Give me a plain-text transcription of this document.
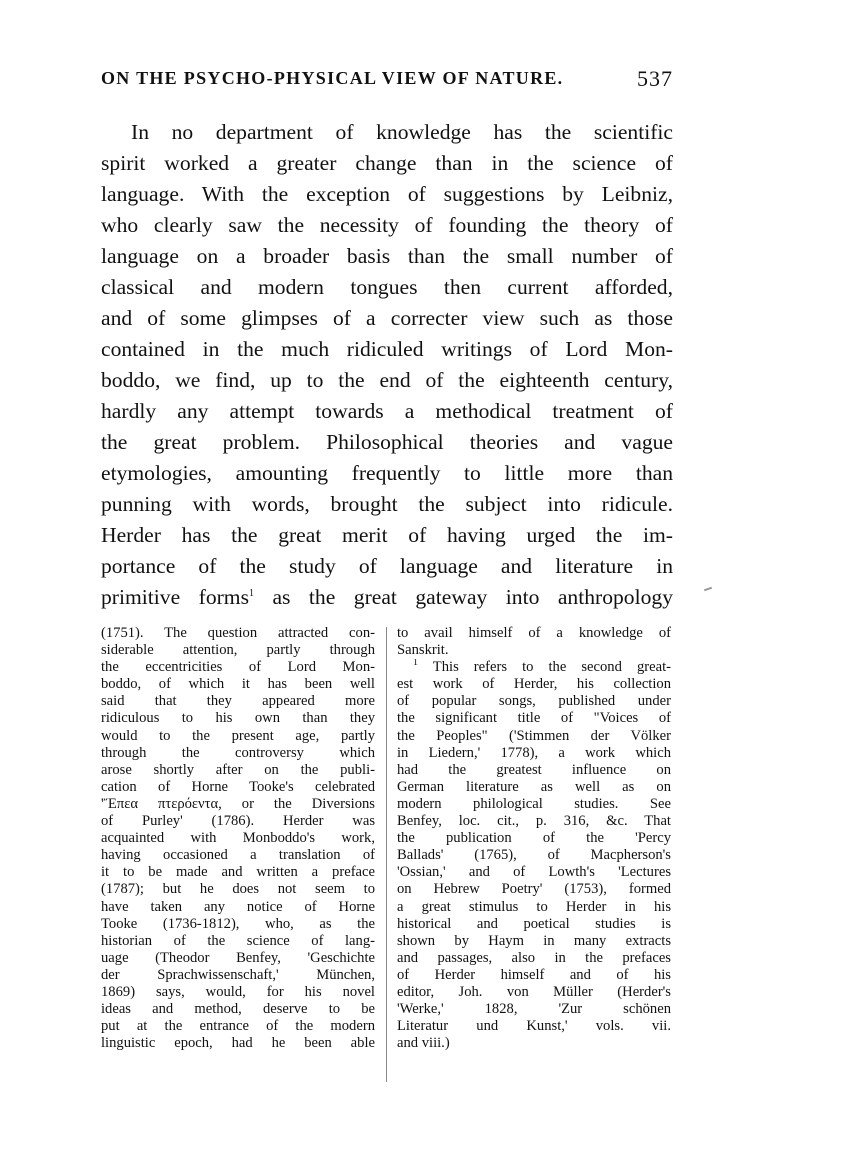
ON THE PSYCHO-PHYSICAL VIEW OF NATURE.	537
In no department of knowledge has the scientific
spirit worked a greater change than in the science of
language. With the exception of suggestions by Leibniz,
who clearly saw the necessity of founding the theory of
language on a broader basis than the small number of
classical and modern tongues then current afforded,
and of some glimpses of a correcter view such as those
contained in the much ridiculed writings of Lord Mon-
boddo, we find, up to the end of the eighteenth century,
hardly any attempt towards a methodical treatment of
the great problem. Philosophical theories and vague
etymologies, amounting frequently to little more than
punning with words, brought the subject into ridicule.
Herder has the great merit of having urged the im-
portance of the study of language and literature in
primitive forms$^1$ as the great gateway into anthropology
(1751). The question attracted con-
siderable attention, partly through
the eccentricities of Lord Mon-
boddo, of which it has been well
said that they appeared more
ridiculous to his own than they
would to the present age, partly
through the controversy which
arose shortly after on the publi-
cation of Horne Tooke's celebrated
'Ἔπεα πτερόεντα, or the Diversions
of Purley' (1786). Herder was
acquainted with Monboddo's work,
having occasioned a translation of
it to be made and written a preface
(1787); but he does not seem to
have taken any notice of Horne
Tooke (1736-1812), who, as the
historian of the science of lang-
uage (Theodor Benfey, 'Geschichte
der Sprachwissenschaft,' München,
1869) says, would, for his novel
ideas and method, deserve to be
put at the entrance of the modern
linguistic epoch, had he been able
to avail himself of a knowledge of
Sanskrit.
$^1$ This refers to the second great-
est work of Herder, his collection
of popular songs, published under
the significant title of "Voices of
the Peoples" ('Stimmen der Völker
in Liedern,' 1778), a work which
had the greatest influence on
German literature as well as on
modern philological studies. See
Benfey, loc. cit., p. 316, &c. That
the publication of the 'Percy
Ballads' (1765), of Macpherson's
'Ossian,' and of Lowth's 'Lectures
on Hebrew Poetry' (1753), formed
a great stimulus to Herder in his
historical and poetical studies is
shown by Haym in many extracts
and passages, also in the prefaces
of Herder himself and of his
editor, Joh. von Müller (Herder's
'Werke,' 1828, 'Zur schönen
Literatur und Kunst,' vols. vii.
and viii.)
